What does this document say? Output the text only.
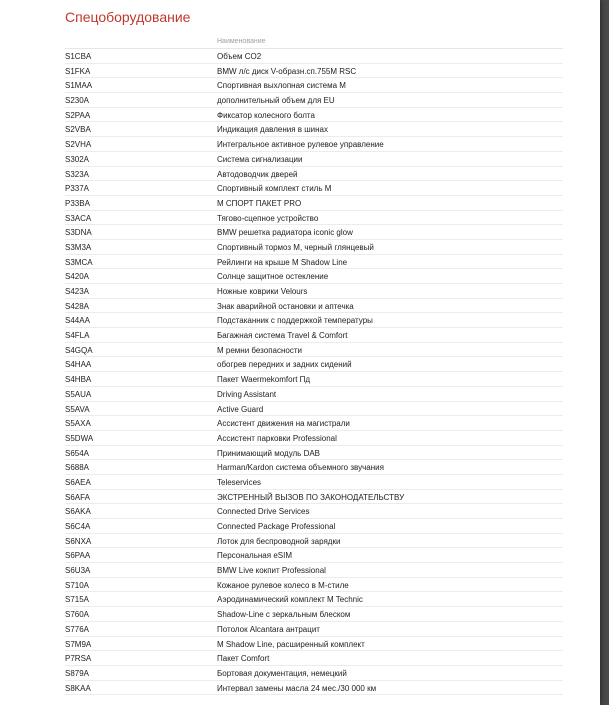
Спецоборудование
Наименование
S1CBA	Объем CO2
S1FKA	BMW л/с диск V-образн.сп.755M RSC
S1MAA	Спортивная выхлопная система M
S230A	дополнительный объем для EU
S2PAA	Фиксатор колесного болта
S2VBA	Индикация давления в шинах
S2VHA	Интегральное активное рулевое управление
S302A	Система сигнализации
S323A	Автодоводчик дверей
P337A	Спортивный комплект стиль M
P33BA	M СПОРТ ПАКЕТ PRO
S3ACA	Тягово-сцепное устройство
S3DNA	BMW решетка радиатора iconic glow
S3M3A	Спортивный тормоз M, черный глянцевый
S3MCA	Рейлинги на крыше M Shadow Line
S420A	Солнце защитное остекление
S423A	Ножные коврики Velours
S428A	Знак аварийной остановки и аптечка
S44AA	Подстаканник с поддержкой температуры
S4FLA	Багажная система Travel & Comfort
S4GQA	M ремни безопасности
S4HAA	обогрев передних и задних сидений
S4HBA	Пакет Waermekomfort Пд
S5AUA	Driving Assistant
S5AVA	Active Guard
S5AXA	Ассистент движения на магистрали
S5DWA	Ассистент парковки Professional
S654A	Принимающий модуль DAB
S688A	Harman/Kardon система объемного звучания
S6AEA	Teleservices
S6AFA	ЭКСТРЕННЫЙ ВЫЗОВ ПО ЗАКОНОДАТЕЛЬСТВУ
S6AKA	Connected Drive Services
S6C4A	Connected Package Professional
S6NXA	Лоток для беспроводной зарядки
S6PAA	Персональная eSIM
S6U3A	BMW Live кокпит Professional
S710A	Кожаное рулевое колесо в M-стиле
S715A	Аэродинамический комплект M Technic
S760A	Shadow-Line с зеркальным блеском
S776A	Потолок Alcantara антрацит
S7M9A	M Shadow Line, расширенный комплект
P7RSA	Пакет Comfort
S879A	Бортовая документация, немецкий
S8KAA	Интервал замены масла 24 мес./30 000 км
